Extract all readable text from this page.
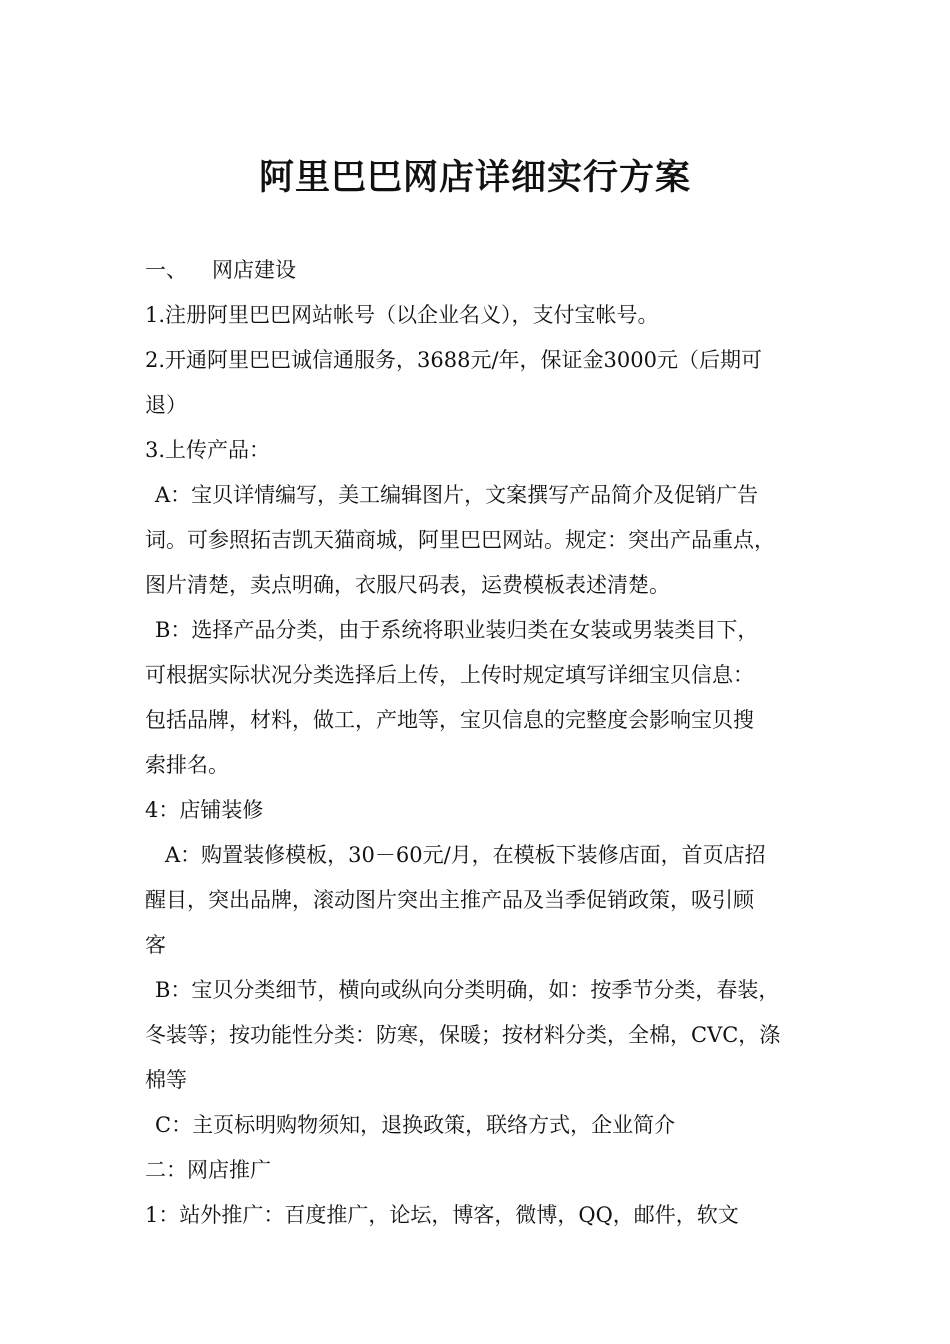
阿里巴巴网店详细实行方案
一、 网店建设
1.注册阿里巴巴网站帐号（以企业名义），支付宝帐号。
2.开通阿里巴巴诚信通服务，3688元/年，保证金3000元（后期可
退）
3.上传产品：
A：宝贝详情编写，美工编辑图片，文案撰写产品简介及促销广告
词。可参照拓吉凯天猫商城，阿里巴巴网站。规定：突出产品重点，
图片清楚，卖点明确，衣服尺码表，运费模板表述清楚。
B：选择产品分类，由于系统将职业装归类在女装或男装类目下，
可根据实际状况分类选择后上传，上传时规定填写详细宝贝信息：
包括品牌，材料，做工，产地等，宝贝信息的完整度会影响宝贝搜
索排名。
4：店铺装修
A：购置装修模板，30－60元/月，在模板下装修店面，首页店招
醒目，突出品牌，滚动图片突出主推产品及当季促销政策，吸引顾
客
B：宝贝分类细节，横向或纵向分类明确，如：按季节分类，春装，
冬装等；按功能性分类：防寒，保暖；按材料分类，全棉，CVC，涤
棉等
C：主页标明购物须知，退换政策，联络方式，企业简介
二：网店推广
1：站外推广：百度推广，论坛，博客，微博，QQ，邮件，软文
